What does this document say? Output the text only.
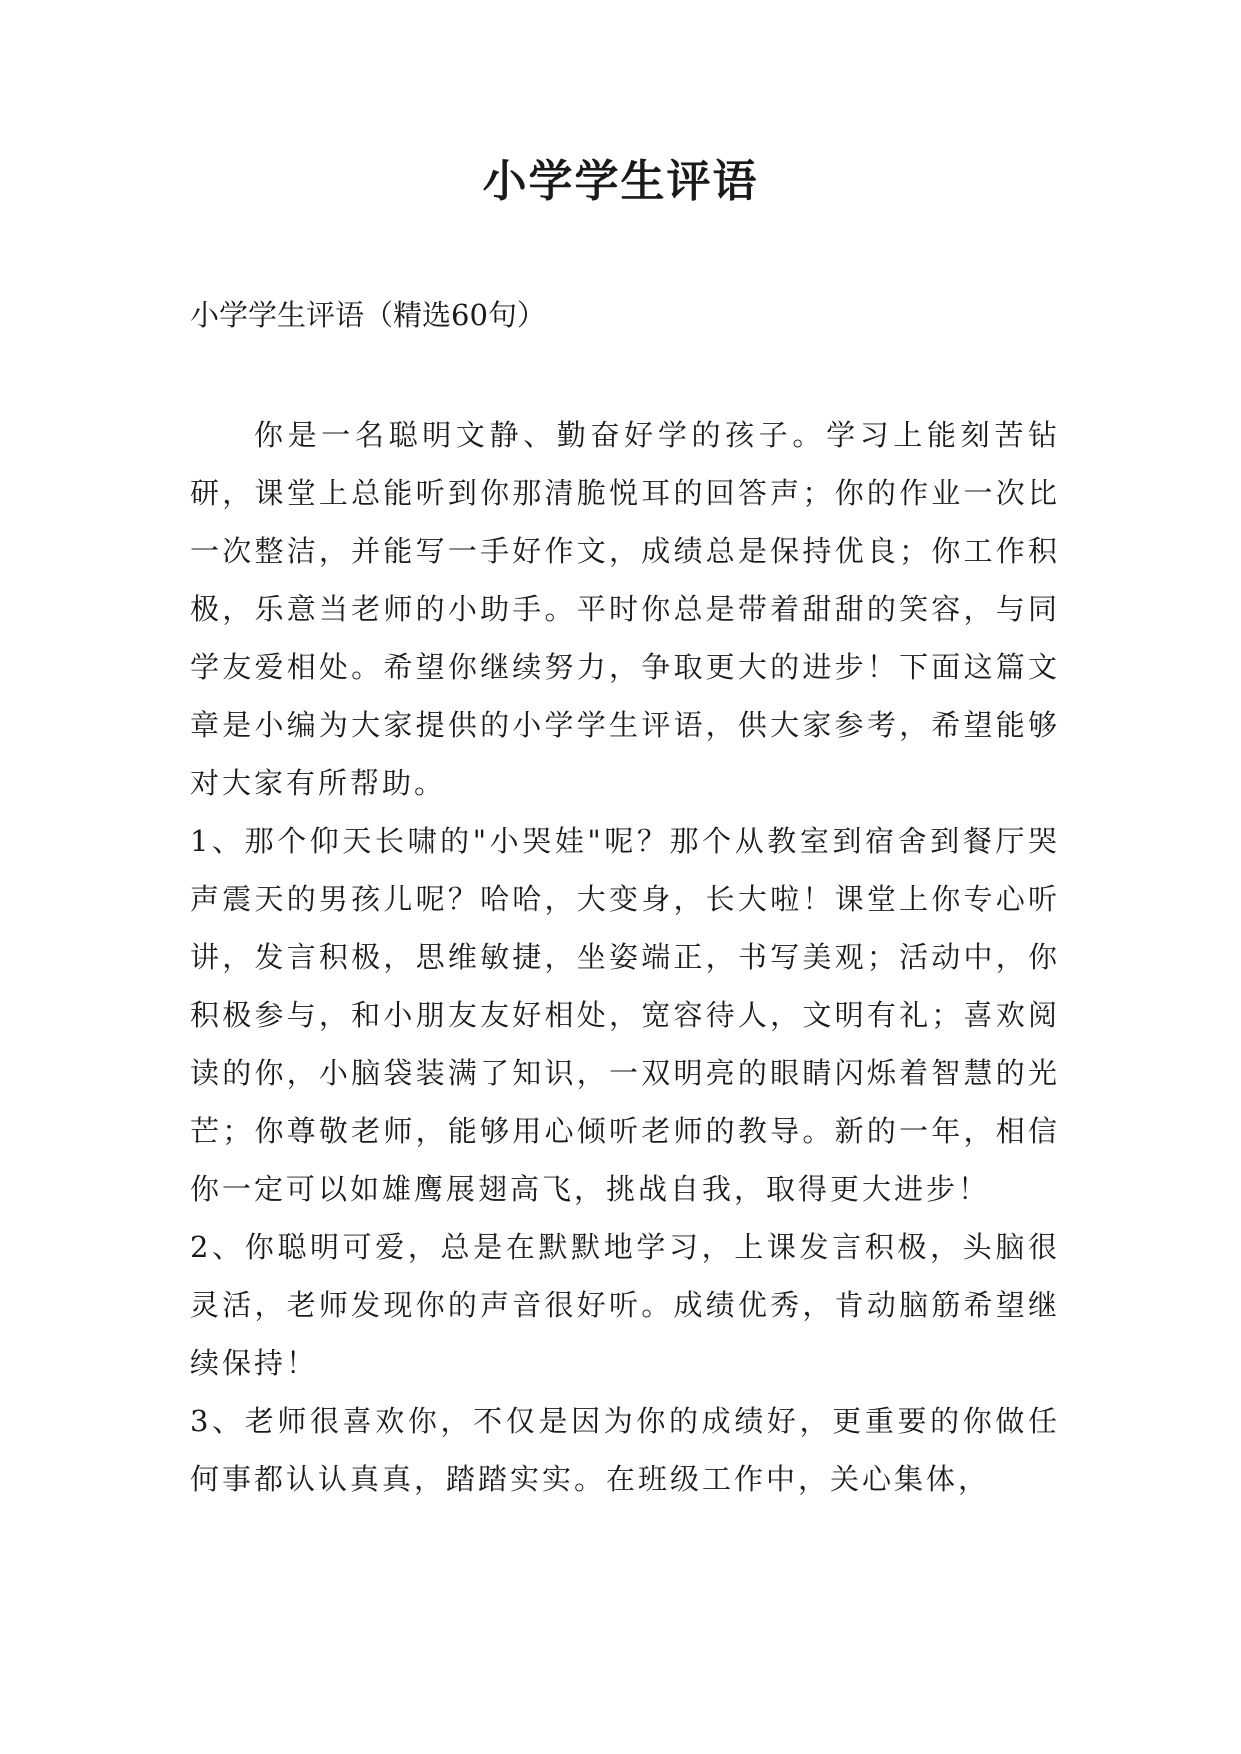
小学学生评语
小学学生评语（精选60句）

你是一名聪明文静、勤奋好学的孩子。学习上能刻苦钻研，课堂上总能听到你那清脆悦耳的回答声；你的作业一次比一次整洁，并能写一手好作文，成绩总是保持优良；你工作积极，乐意当老师的小助手。平时你总是带着甜甜的笑容，与同学友爱相处。希望你继续努力，争取更大的进步！下面这篇文章是小编为大家提供的小学学生评语，供大家参考，希望能够对大家有所帮助。

1、那个仰天长啸的"小哭娃"呢？那个从教室到宿舍到餐厅哭声震天的男孩儿呢？哈哈，大变身，长大啦！课堂上你专心听讲，发言积极，思维敏捷，坐姿端正，书写美观；活动中，你积极参与，和小朋友友好相处，宽容待人，文明有礼；喜欢阅读的你，小脑袋装满了知识，一双明亮的眼睛闪烁着智慧的光芒；你尊敬老师，能够用心倾听老师的教导。新的一年，相信你一定可以如雄鹰展翅高飞，挑战自我，取得更大进步！

2、你聪明可爱，总是在默默地学习，上课发言积极，头脑很灵活，老师发现你的声音很好听。成绩优秀，肯动脑筋希望继续保持！

3、老师很喜欢你，不仅是因为你的成绩好，更重要的你做任何事都认认真真，踏踏实实。在班级工作中，关心集体，
